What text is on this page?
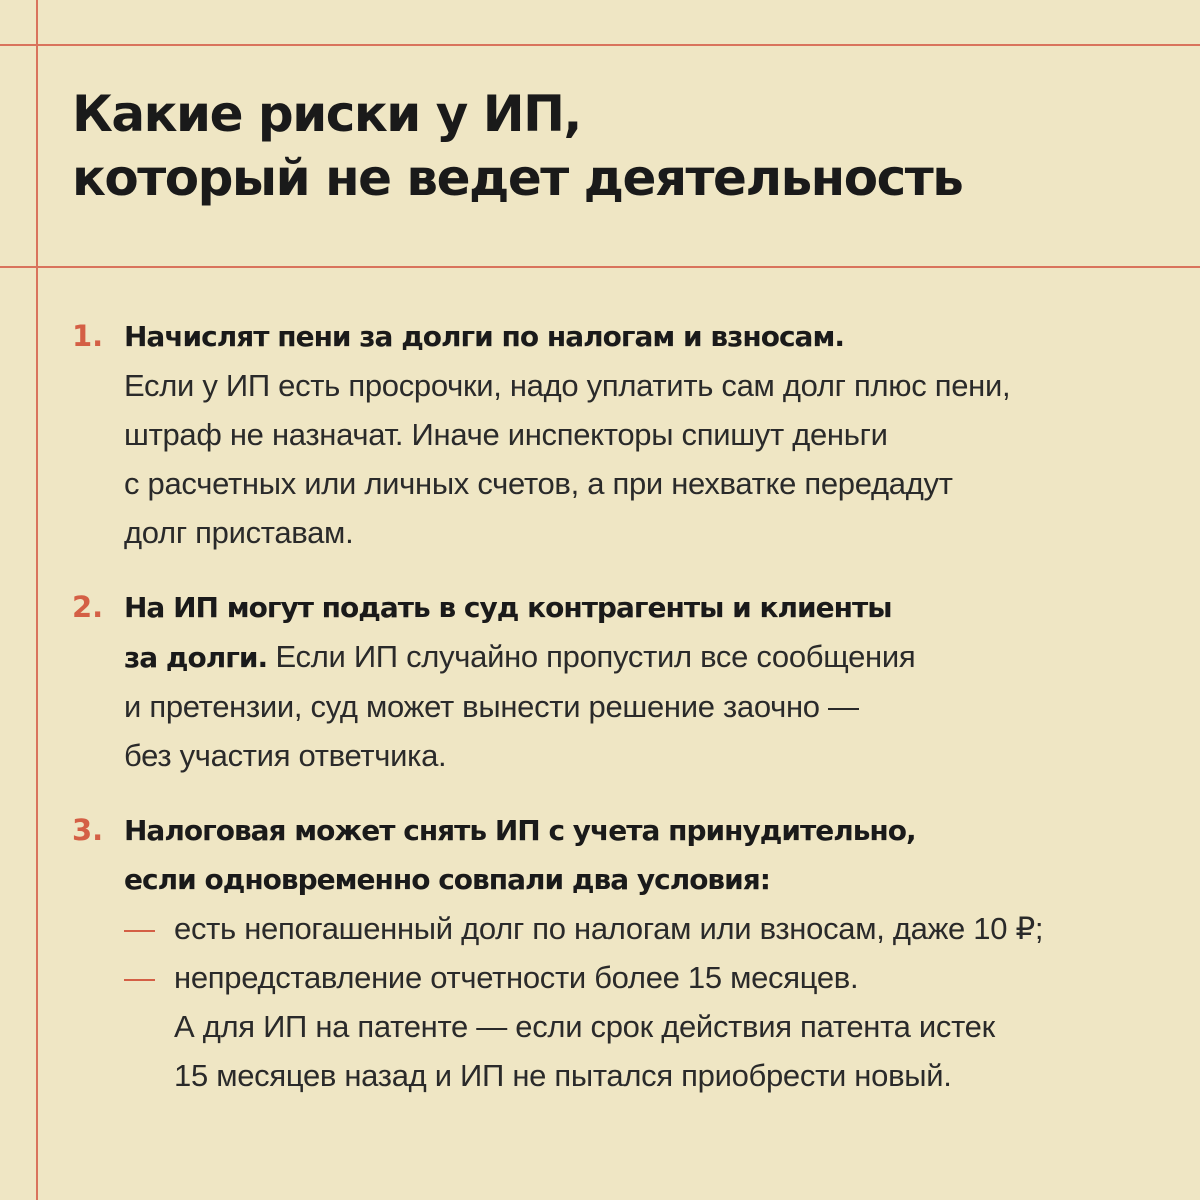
Какие риски у ИП,
который не ведет деятельность
1. Начислят пени за долги по налогам и взносам.
Если у ИП есть просрочки, надо уплатить сам долг плюс пени,
штраф не назначат. Иначе инспекторы спишут деньги
с расчетных или личных счетов, а при нехватке передадут
долг приставам.
2. На ИП могут подать в суд контрагенты и клиенты
за долги. Если ИП случайно пропустил все сообщения
и претензии, суд может вынести решение заочно —
без участия ответчика.
3. Налоговая может снять ИП с учета принудительно,
если одновременно совпали два условия:
— есть непогашенный долг по налогам или взносам, даже 10 ₽;
— непредставление отчетности более 15 месяцев.
А для ИП на патенте — если срок действия патента истек
15 месяцев назад и ИП не пытался приобрести новый.
